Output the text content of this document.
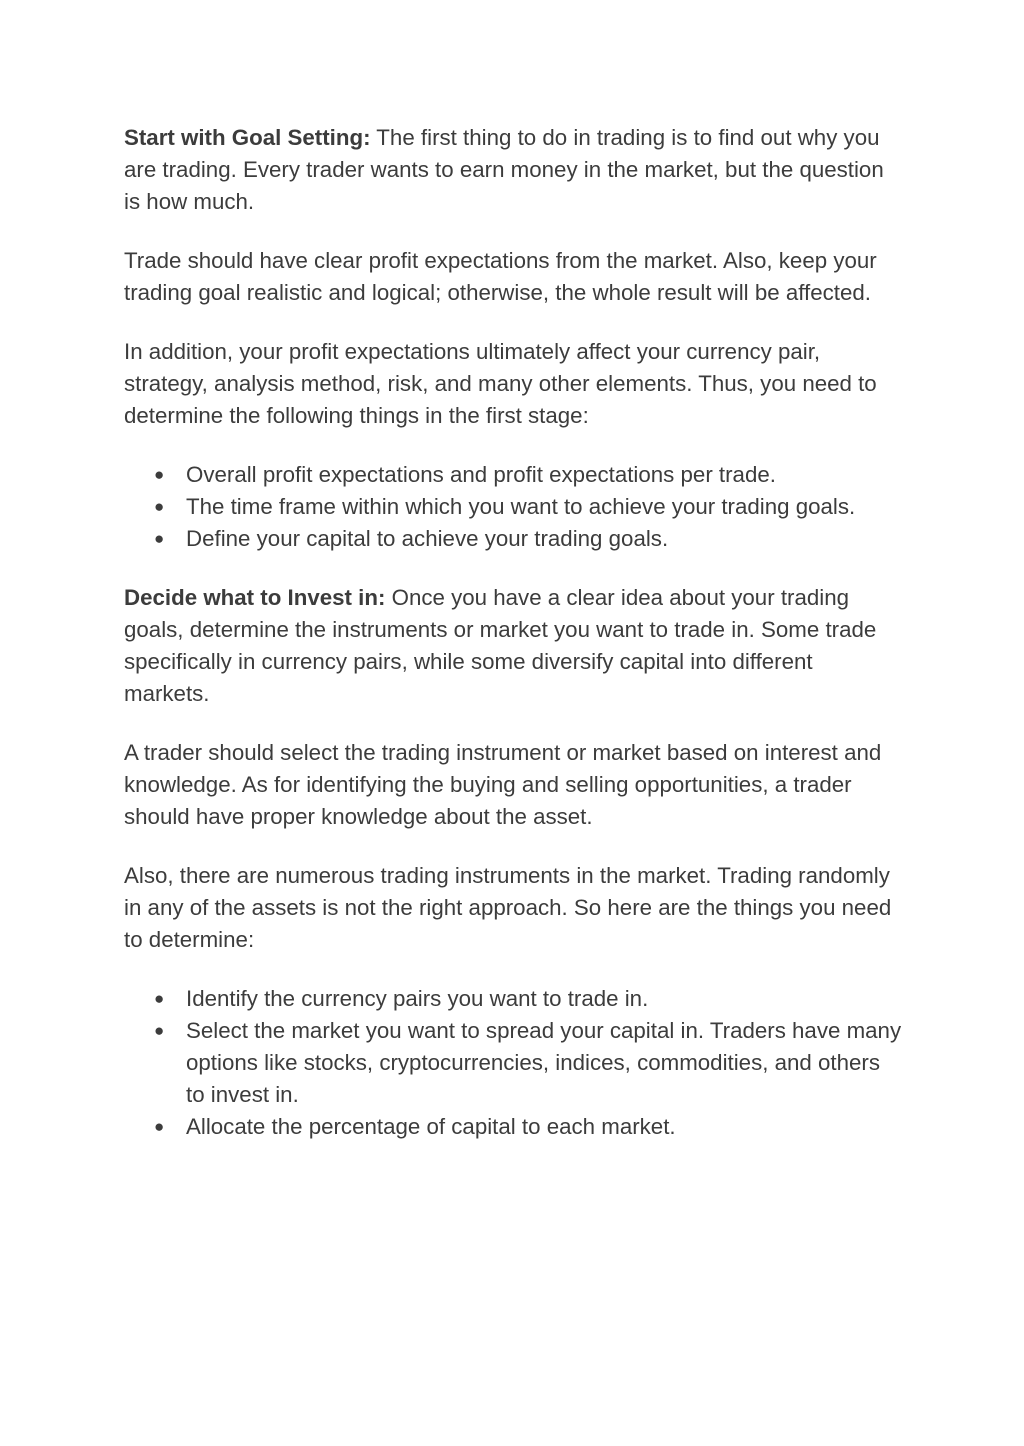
Start with Goal Setting: The first thing to do in trading is to find out why you are trading. Every trader wants to earn money in the market, but the question is how much.

Trade should have clear profit expectations from the market. Also, keep your trading goal realistic and logical; otherwise, the whole result will be affected.

In addition, your profit expectations ultimately affect your currency pair, strategy, analysis method, risk, and many other elements. Thus, you need to determine the following things in the first stage:

● Overall profit expectations and profit expectations per trade.
● The time frame within which you want to achieve your trading goals.
● Define your capital to achieve your trading goals.

Decide what to Invest in: Once you have a clear idea about your trading goals, determine the instruments or market you want to trade in. Some trade specifically in currency pairs, while some diversify capital into different markets.

A trader should select the trading instrument or market based on interest and knowledge. As for identifying the buying and selling opportunities, a trader should have proper knowledge about the asset.

Also, there are numerous trading instruments in the market. Trading randomly in any of the assets is not the right approach. So here are the things you need to determine:

● Identify the currency pairs you want to trade in.
● Select the market you want to spread your capital in. Traders have many options like stocks, cryptocurrencies, indices, commodities, and others to invest in.
● Allocate the percentage of capital to each market.
